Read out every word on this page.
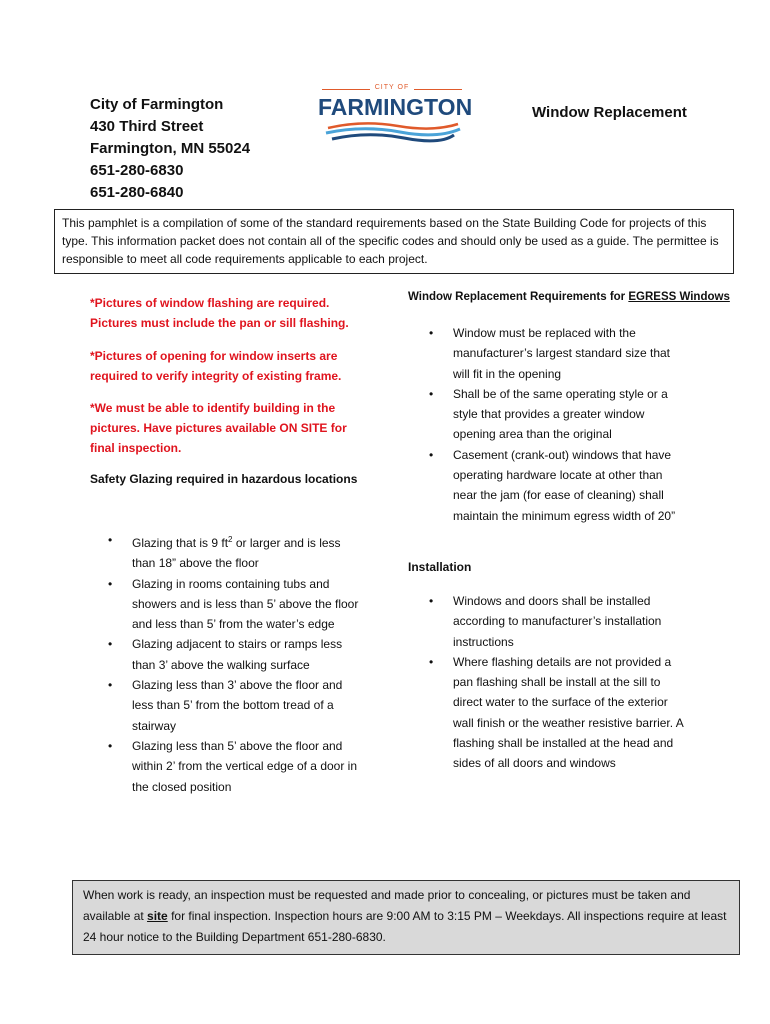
City of Farmington
430 Third Street
Farmington, MN 55024
651-280-6830
651-280-6840
CITY OF
FARMINGTON	Window Replacement
This pamphlet is a compilation of some of the standard requirements based on the State Building Code for projects of this type. This information packet does not contain all of the specific codes and should only be used as a guide. The permittee is responsible to meet all code requirements applicable to each project.
*Pictures of window flashing are required. Pictures must include the pan or sill flashing.
*Pictures of opening for window inserts are required to verify integrity of existing frame.
*We must be able to identify building in the pictures. Have pictures available ON SITE for final inspection.
Safety Glazing required in hazardous locations
• Glazing that is 9 $ft^2$ or larger and is less than 18” above the floor
• Glazing in rooms containing tubs and showers and is less than 5’ above the floor and less than 5’ from the water’s edge
• Glazing adjacent to stairs or ramps less than 3’ above the walking surface
• Glazing less than 3’ above the floor and less than 5’ from the bottom tread of a stairway
• Glazing less than 5’ above the floor and within 2’ from the vertical edge of a door in the closed position
Window Replacement Requirements for EGRESS Windows
• Window must be replaced with the manufacturer’s largest standard size that will fit in the opening
• Shall be of the same operating style or a style that provides a greater window opening area than the original
• Casement (crank-out) windows that have operating hardware locate at other than near the jam (for ease of cleaning) shall maintain the minimum egress width of 20”
Installation
• Windows and doors shall be installed according to manufacturer’s installation instructions
• Where flashing details are not provided a pan flashing shall be install at the sill to direct water to the surface of the exterior wall finish or the weather resistive barrier. A flashing shall be installed at the head and sides of all doors and windows
When work is ready, an inspection must be requested and made prior to concealing, or pictures must be taken and available at site for final inspection. Inspection hours are 9:00 AM to 3:15 PM – Weekdays. All inspections require at least 24 hour notice to the Building Department 651-280-6830.
